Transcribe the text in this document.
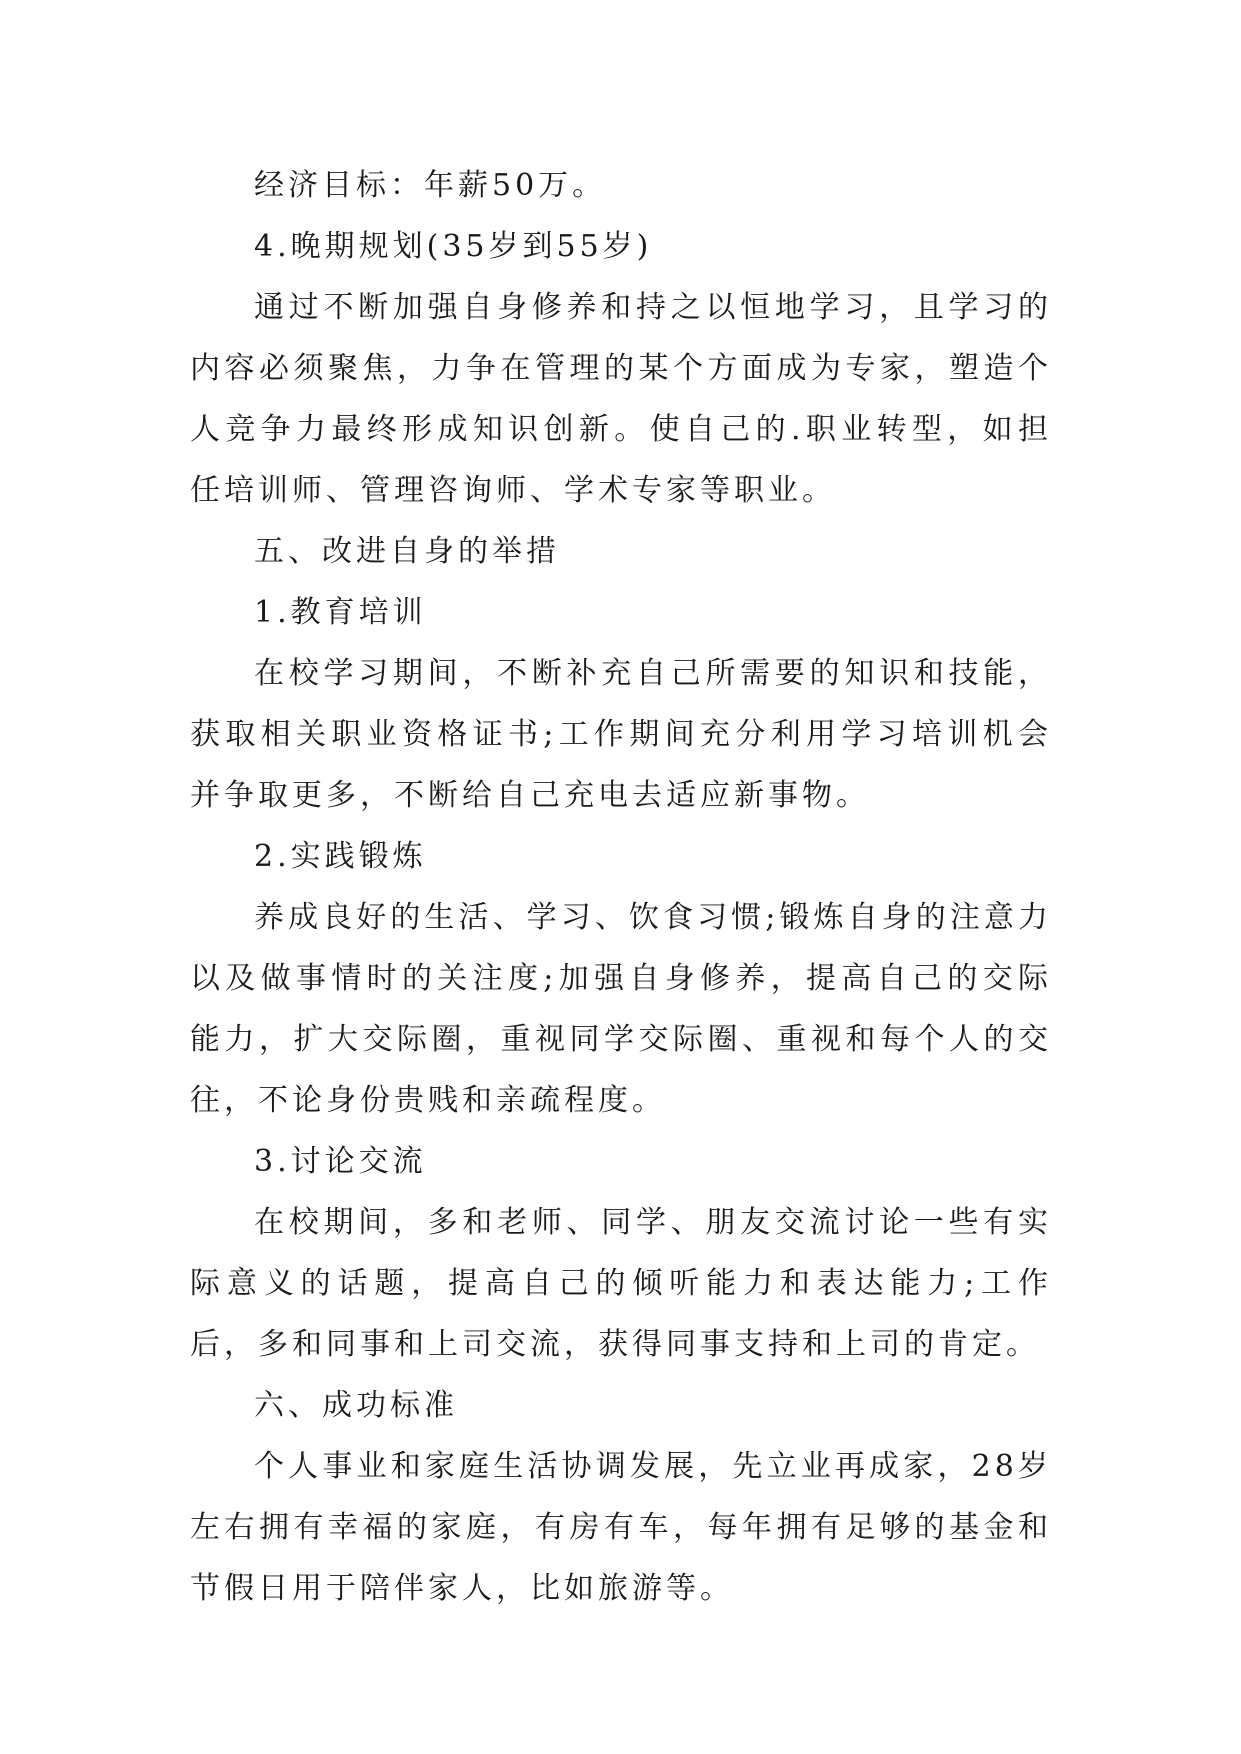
经济目标：年薪50万。

4.晚期规划(35岁到55岁)

通过不断加强自身修养和持之以恒地学习，且学习的内容必须聚焦，力争在管理的某个方面成为专家，塑造个人竞争力最终形成知识创新。使自己的.职业转型，如担任培训师、管理咨询师、学术专家等职业。

五、改进自身的举措

1.教育培训

在校学习期间，不断补充自己所需要的知识和技能，获取相关职业资格证书;工作期间充分利用学习培训机会并争取更多，不断给自己充电去适应新事物。

2.实践锻炼

养成良好的生活、学习、饮食习惯;锻炼自身的注意力以及做事情时的关注度;加强自身修养，提高自己的交际能力，扩大交际圈，重视同学交际圈、重视和每个人的交往，不论身份贵贱和亲疏程度。

3.讨论交流

在校期间，多和老师、同学、朋友交流讨论一些有实际意义的话题，提高自己的倾听能力和表达能力;工作后，多和同事和上司交流，获得同事支持和上司的肯定。

六、成功标准

个人事业和家庭生活协调发展，先立业再成家，28岁左右拥有幸福的家庭，有房有车，每年拥有足够的基金和节假日用于陪伴家人，比如旅游等。
